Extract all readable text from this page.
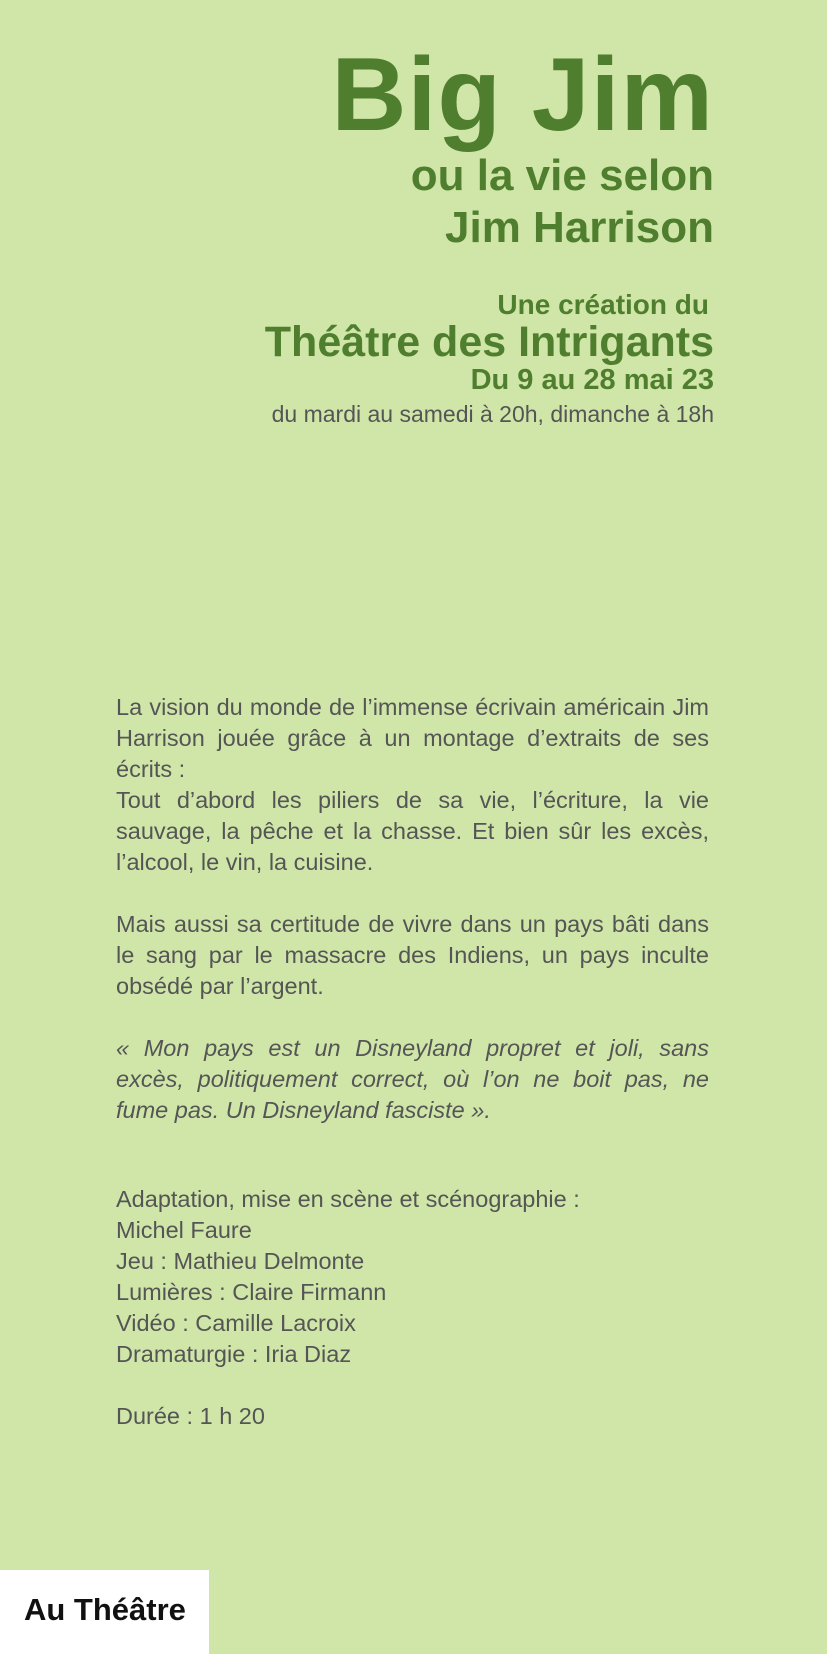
Big Jim
ou la vie selon
Jim Harrison
Une création du
Théâtre des Intrigants
Du 9 au 28 mai 23
du mardi au samedi à 20h, dimanche à 18h

La vision du monde de l’immense écrivain américain Jim Harrison jouée grâce à un montage d’extraits de ses écrits :

Tout d’abord les piliers de sa vie, l’écriture, la vie sauvage, la pêche et la chasse. Et bien sûr les excès, l’alcool, le vin, la cuisine.

Mais aussi sa certitude de vivre dans un pays bâti dans le sang par le massacre des Indiens, un pays inculte obsédé par l’argent.

« Mon pays est un Disneyland propret et joli, sans excès, politiquement correct, où l’on ne boit pas, ne fume pas. Un Disneyland fasciste ».

Adaptation, mise en scène et scénographie :
Michel Faure
Jeu : Mathieu Delmonte
Lumières : Claire Firmann
Vidéo : Camille Lacroix
Dramaturgie : Iria Diaz
Durée : 1 h 20
Au Théâtre
